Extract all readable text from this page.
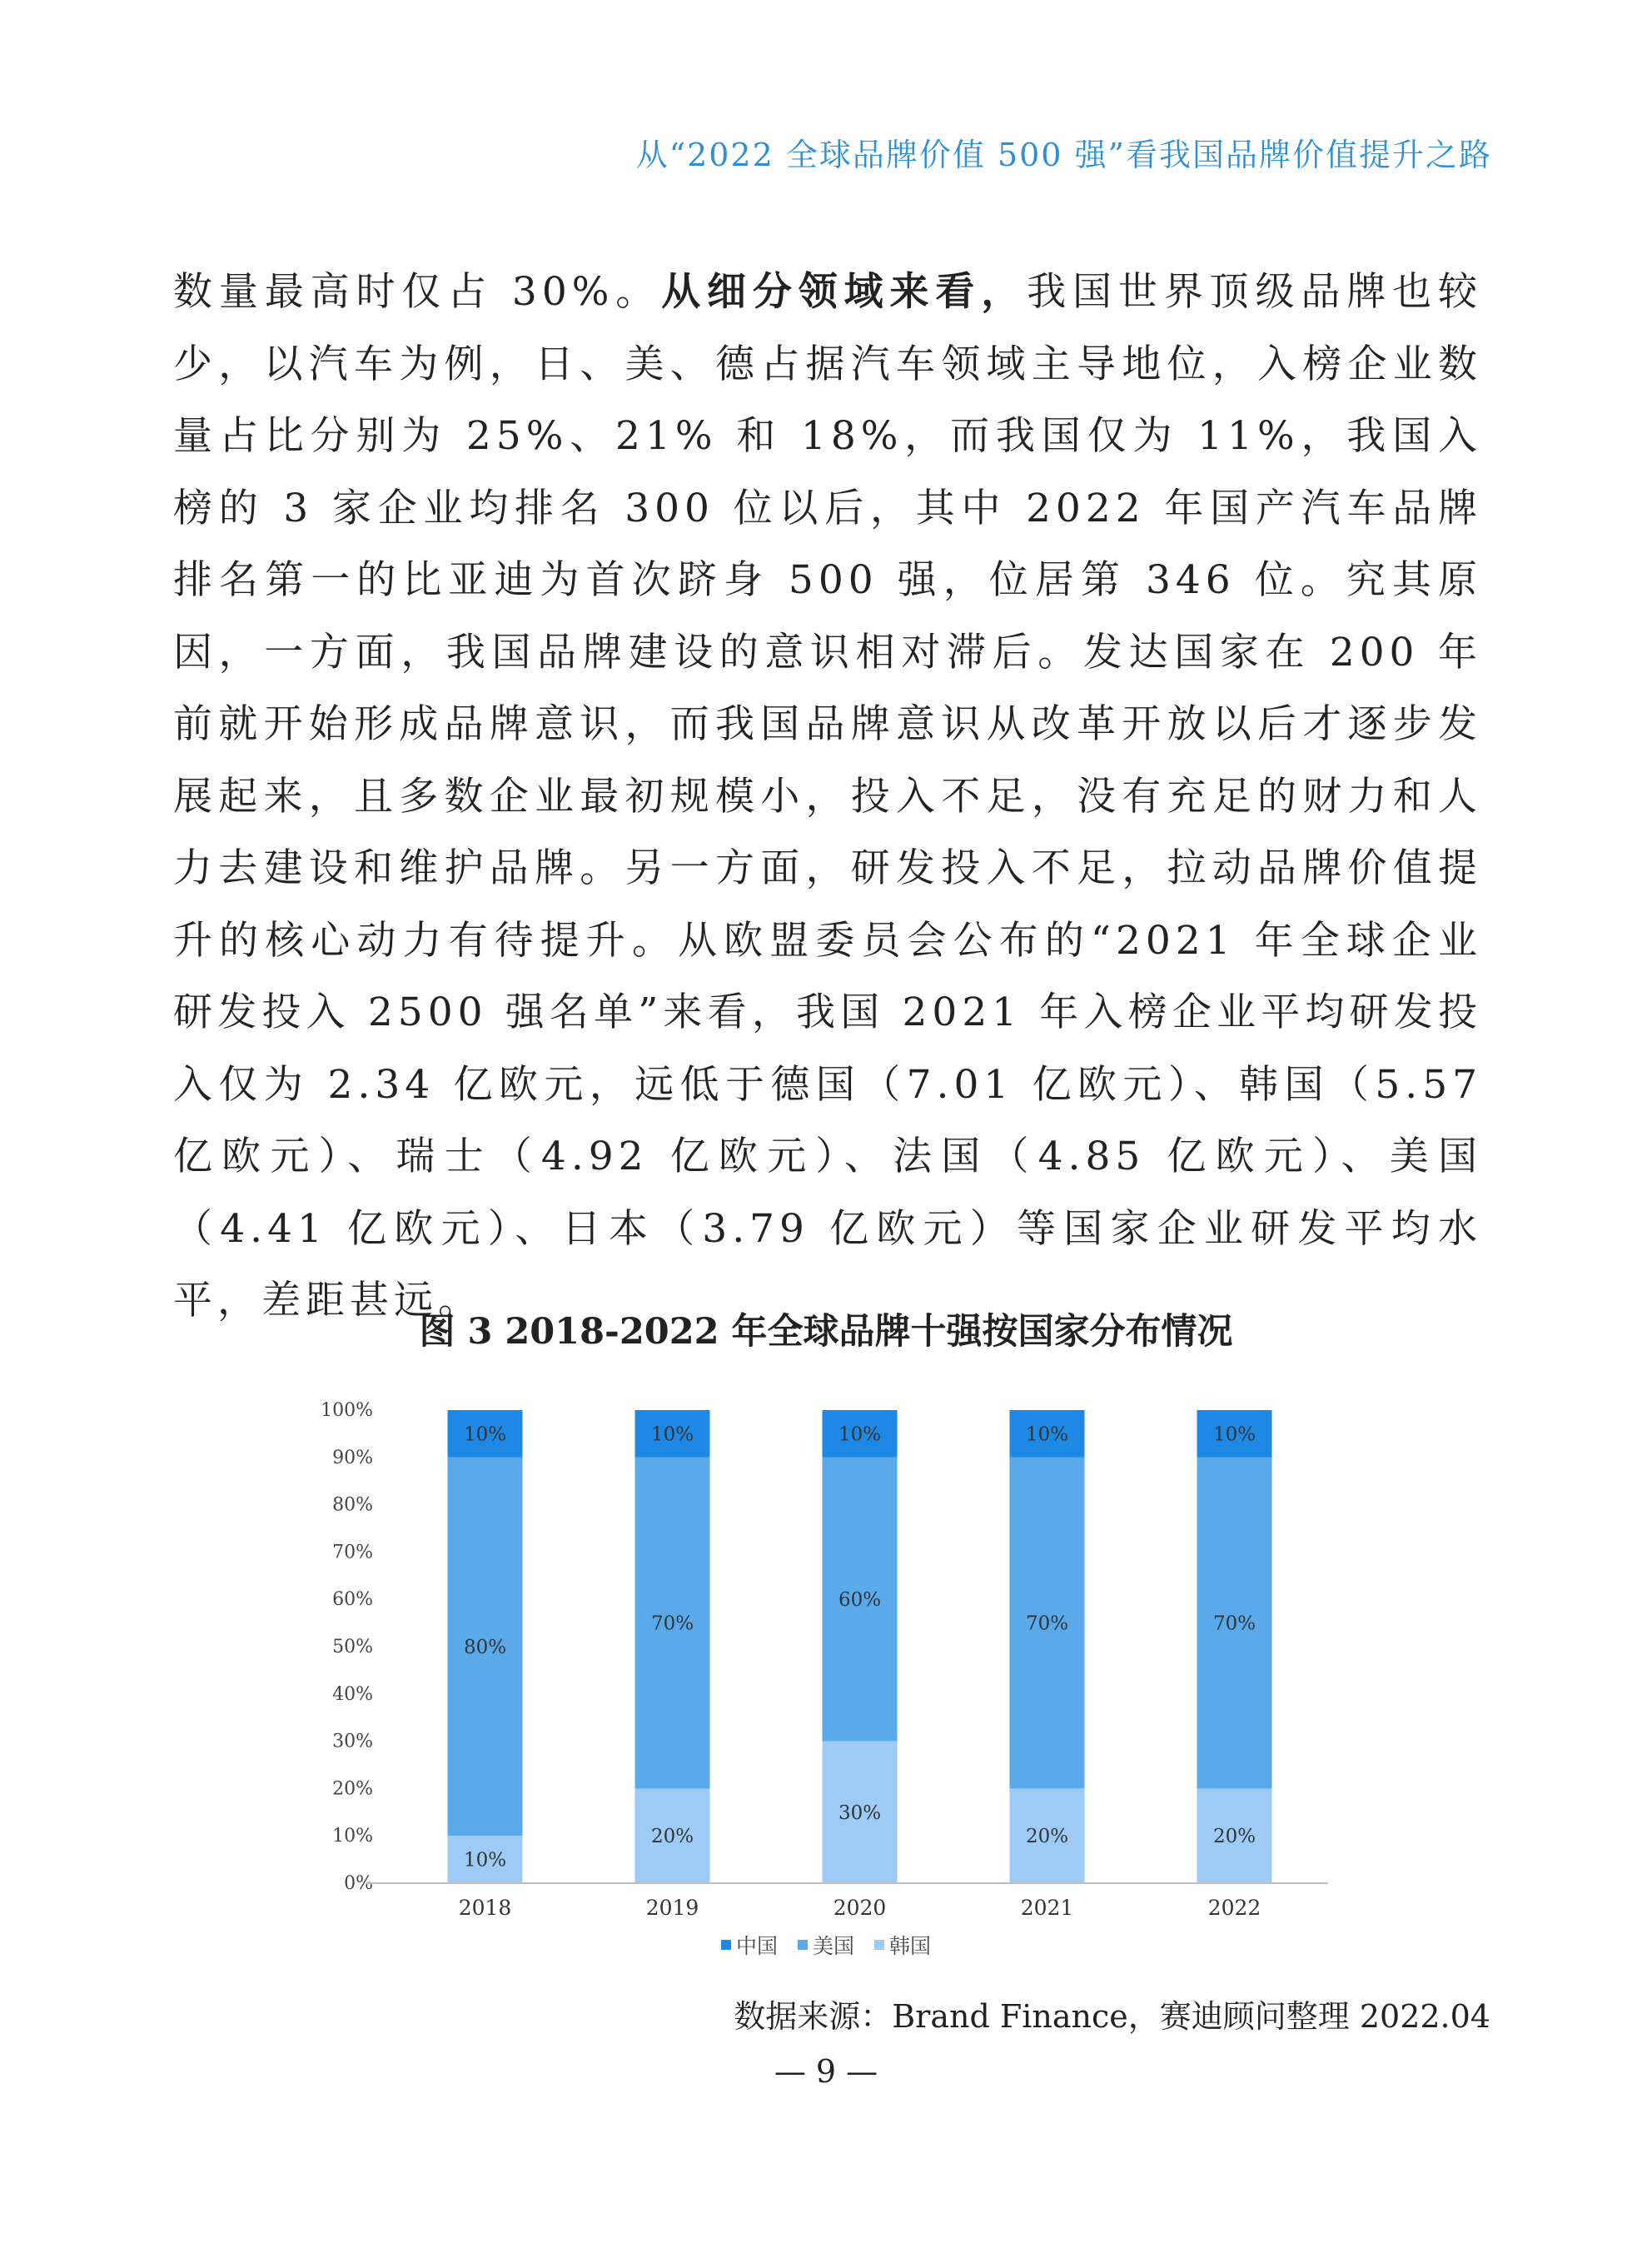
从“2022 全球品牌价值 500 强”看我国品牌价值提升之路

数量最高时仅占 30%。从细分领域来看，我国世界顶级品牌也较少，以汽车为例，日、美、德占据汽车领域主导地位，入榜企业数量占比分别为 25%、21% 和 18%，而我国仅为 11%，我国入榜的 3 家企业均排名 300 位以后，其中 2022 年国产汽车品牌排名第一的比亚迪为首次跻身 500 强，位居第 346 位。究其原因，一方面，我国品牌建设的意识相对滞后。发达国家在 200 年前就开始形成品牌意识，而我国品牌意识从改革开放以后才逐步发展起来，且多数企业最初规模小，投入不足，没有充足的财力和人力去建设和维护品牌。另一方面，研发投入不足，拉动品牌价值提升的核心动力有待提升。从欧盟委员会公布的“2021 年全球企业研发投入 2500 强名单”来看，我国 2021 年入榜企业平均研发投入仅为 2.34 亿欧元，远低于德国（7.01 亿欧元）、韩国（5.57 亿欧元）、瑞士（4.92 亿欧元）、法国（4.85 亿欧元）、美国（4.41 亿欧元）、日本（3.79 亿欧元）等国家企业研发平均水平，差距甚远。

图 3 2018-2022 年全球品牌十强按国家分布情况
0%
10%
20%
30%
40%
50%
60%
70%
80%
90%
100%
10%
80%
10%
20%
70%
10%
30%
60%
10%
20%
70%
10%
20%
70%
10%
2018	2019	2020	2021	2022
中国
美国
韩国
数据来源：Brand Finance，赛迪顾问整理 2022.04
— 9 —
